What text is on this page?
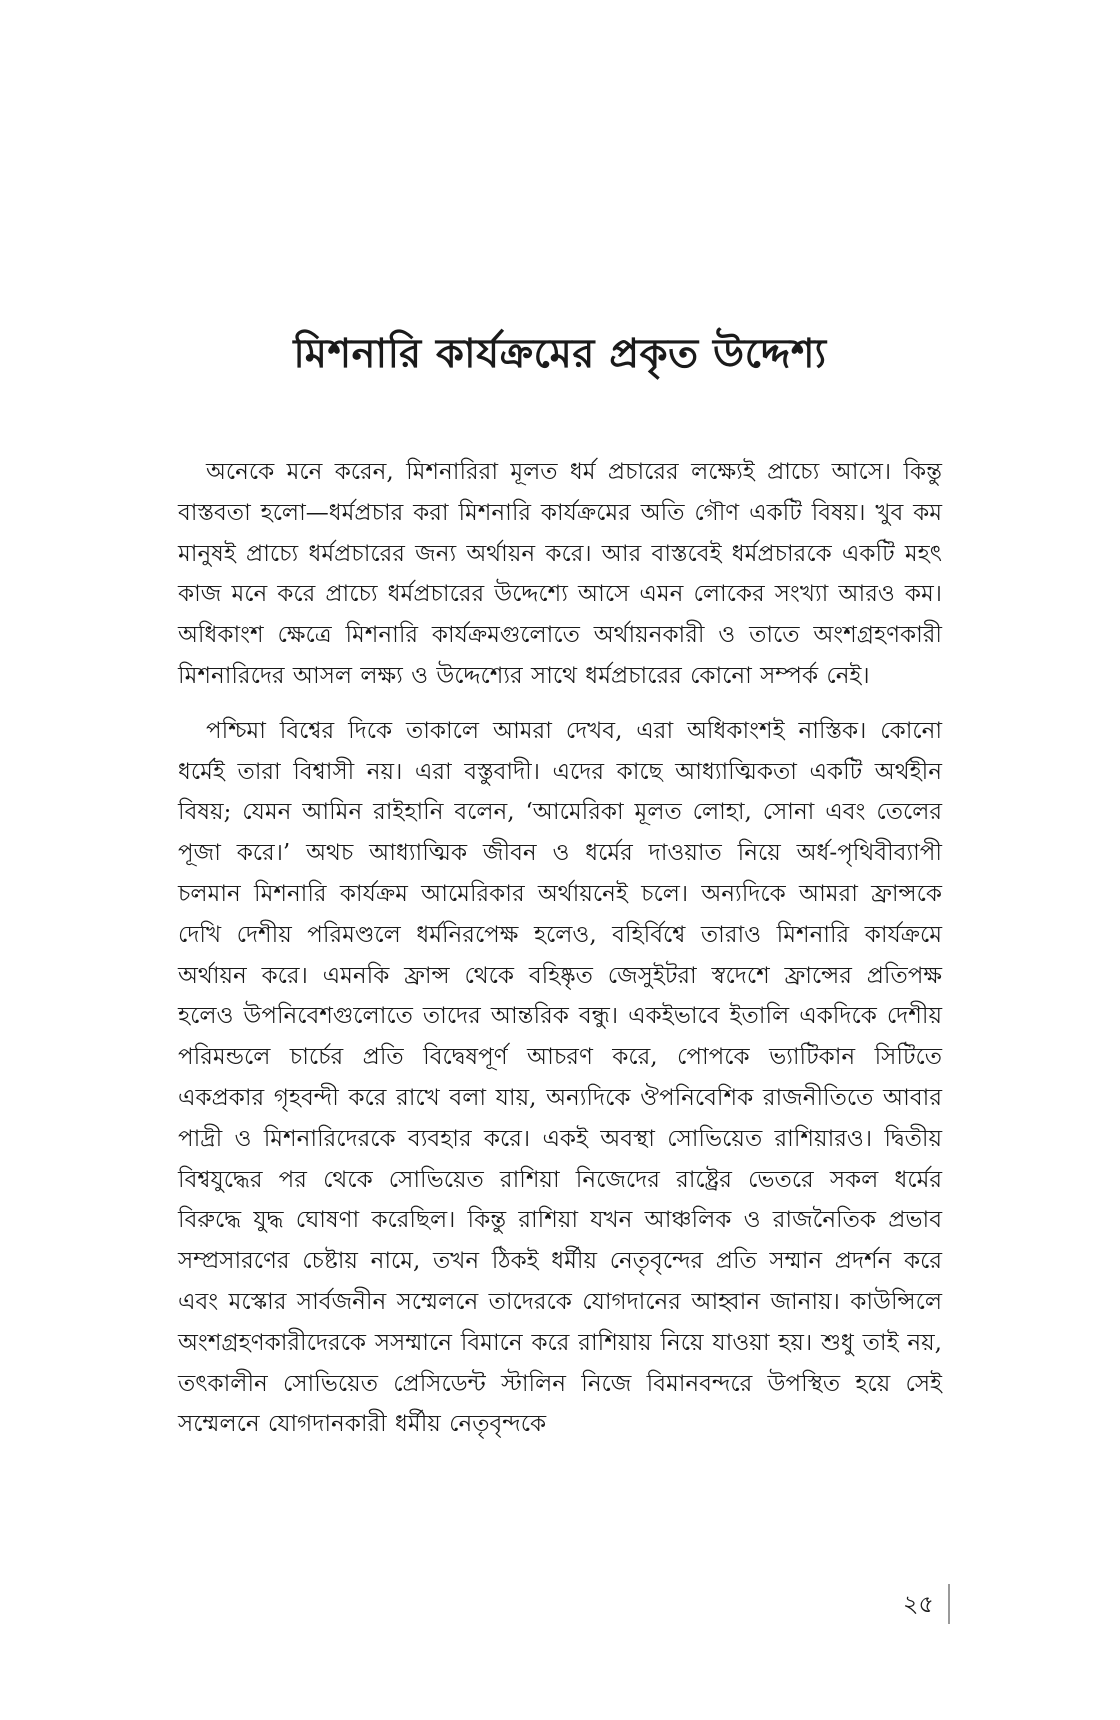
মিশনারি কার্যক্রমের প্রকৃত উদ্দেশ্য

অনেকে মনে করেন, মিশনারিরা মূলত ধর্ম প্রচারের লক্ষ্যেই প্রাচ্যে আসে। কিন্তু বাস্তবতা হলো—ধর্মপ্রচার করা মিশনারি কার্যক্রমের অতি গৌণ একটি বিষয়। খুব কম মানুষই প্রাচ্যে ধর্মপ্রচারের জন্য অর্থায়ন করে। আর বাস্তবেই ধর্মপ্রচারকে একটি মহৎ কাজ মনে করে প্রাচ্যে ধর্মপ্রচারের উদ্দেশ্যে আসে এমন লোকের সংখ্যা আরও কম। অধিকাংশ ক্ষেত্রে মিশনারি কার্যক্রমগুলোতে অর্থায়নকারী ও তাতে অংশগ্রহণকারী মিশনারিদের আসল লক্ষ্য ও উদ্দেশ্যের সাথে ধর্মপ্রচারের কোনো সম্পর্ক নেই।

পশ্চিমা বিশ্বের দিকে তাকালে আমরা দেখব, এরা অধিকাংশই নাস্তিক। কোনো ধর্মেই তারা বিশ্বাসী নয়। এরা বস্তুবাদী। এদের কাছে আধ্যাত্মিকতা একটি অর্থহীন বিষয়; যেমন আমিন রাইহানি বলেন, ‘আমেরিকা মূলত লোহা, সোনা এবং তেলের পূজা করে।’ অথচ আধ্যাত্মিক জীবন ও ধর্মের দাওয়াত নিয়ে অর্ধ-পৃথিবীব্যাপী চলমান মিশনারি কার্যক্রম আমেরিকার অর্থায়নেই চলে। অন্যদিকে আমরা ফ্রান্সকে দেখি দেশীয় পরিমণ্ডলে ধর্মনিরপেক্ষ হলেও, বহির্বিশ্বে তারাও মিশনারি কার্যক্রমে অর্থায়ন করে। এমনকি ফ্রান্স থেকে বহিষ্কৃত জেসুইটরা স্বদেশে ফ্রান্সের প্রতিপক্ষ হলেও উপনিবেশগুলোতে তাদের আন্তরিক বন্ধু। একইভাবে ইতালি একদিকে দেশীয় পরিমন্ডলে চার্চের প্রতি বিদ্বেষপূর্ণ আচরণ করে, পোপকে ভ্যাটিকান সিটিতে একপ্রকার গৃহবন্দী করে রাখে বলা যায়, অন্যদিকে ঔপনিবেশিক রাজনীতিতে আবার পাদ্রী ও মিশনারিদেরকে ব্যবহার করে। একই অবস্থা সোভিয়েত রাশিয়ারও। দ্বিতীয় বিশ্বযুদ্ধের পর থেকে সোভিয়েত রাশিয়া নিজেদের রাষ্ট্রের ভেতরে সকল ধর্মের বিরুদ্ধে যুদ্ধ ঘোষণা করেছিল। কিন্তু রাশিয়া যখন আঞ্চলিক ও রাজনৈতিক প্রভাব সম্প্রসারণের চেষ্টায় নামে, তখন ঠিকই ধর্মীয় নেতৃবৃন্দের প্রতি সম্মান প্রদর্শন করে এবং মস্কোর সার্বজনীন সম্মেলনে তাদেরকে যোগদানের আহ্বান জানায়। কাউন্সিলে অংশগ্রহণকারীদেরকে সসম্মানে বিমানে করে রাশিয়ায় নিয়ে যাওয়া হয়। শুধু তাই নয়, তৎকালীন সোভিয়েত প্রেসিডেন্ট স্টালিন নিজে বিমানবন্দরে উপস্থিত হয়ে সেই সম্মেলনে যোগদানকারী ধর্মীয় নেতৃবৃন্দকে

২৫
